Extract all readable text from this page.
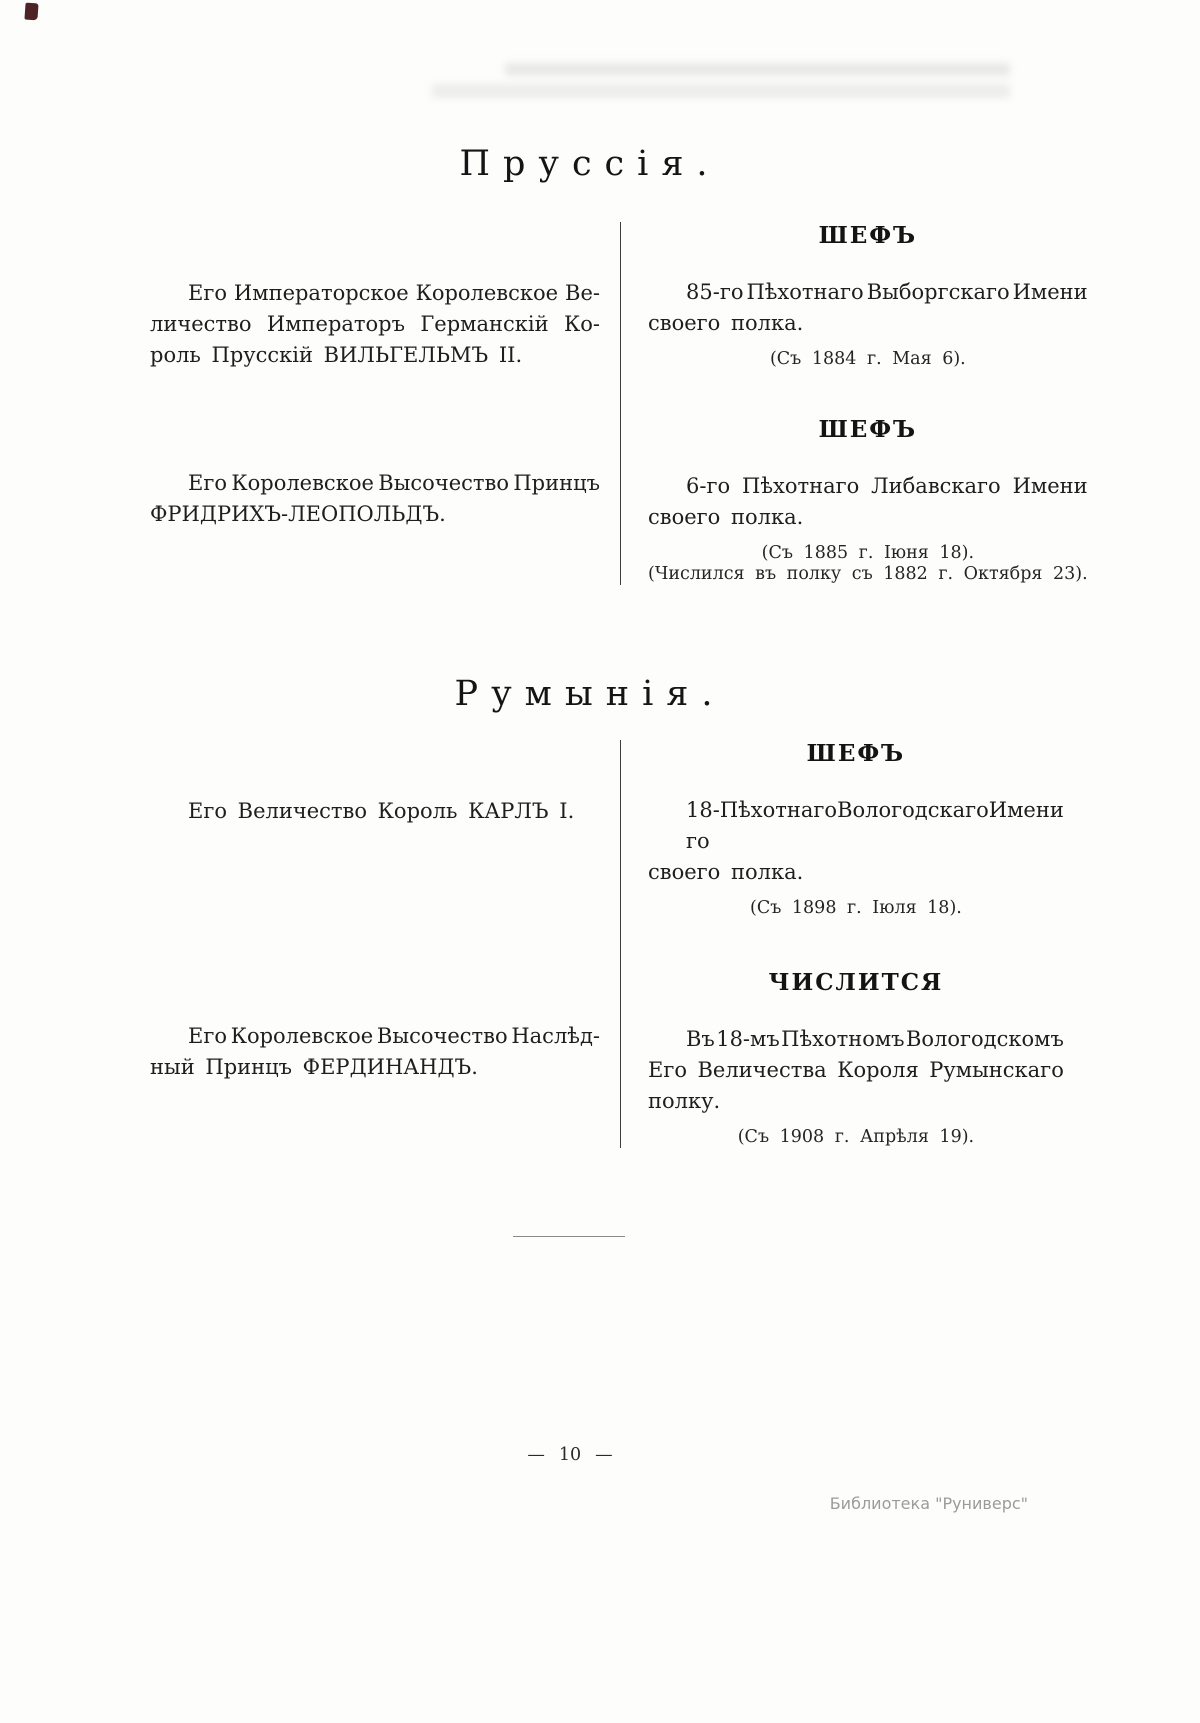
Пруссія.
Его Императорское Королевское Ве-
личество Императоръ Германскій Ко-
роль Прусскій ВИЛЬГЕЛЬМЪ II.
ШЕФЪ
85-го Пѣхотнаго Выборгскаго Имени
своего полка.
(Съ 1884 г. Мая 6).
Его Королевское Высочество Принцъ
ФРИДРИХЪ-ЛЕОПОЛЬДЪ.
ШЕФЪ
6-го Пѣхотнаго Либавскаго Имени
своего полка.
(Съ 1885 г. Іюня 18).
(Числился въ полку съ 1882 г. Октября 23).
Румынія.
Его Величество Король КАРЛЪ I.
ШЕФЪ
18-го
Пѣхотнаго Вологодскаго Имени
своего полка.
(Съ 1898 г. Іюля 18).
Его Королевское Высочество Наслѣд-
ный Принцъ ФЕРДИНАНДЪ.
ЧИСЛИТСЯ
Въ 18-мъ Пѣхотномъ Вологодскомъ
Его Величества Короля Румынскаго
полку.
(Съ 1908 г. Апрѣля 19).
— 10 —
Библиотека "Руниверс"
